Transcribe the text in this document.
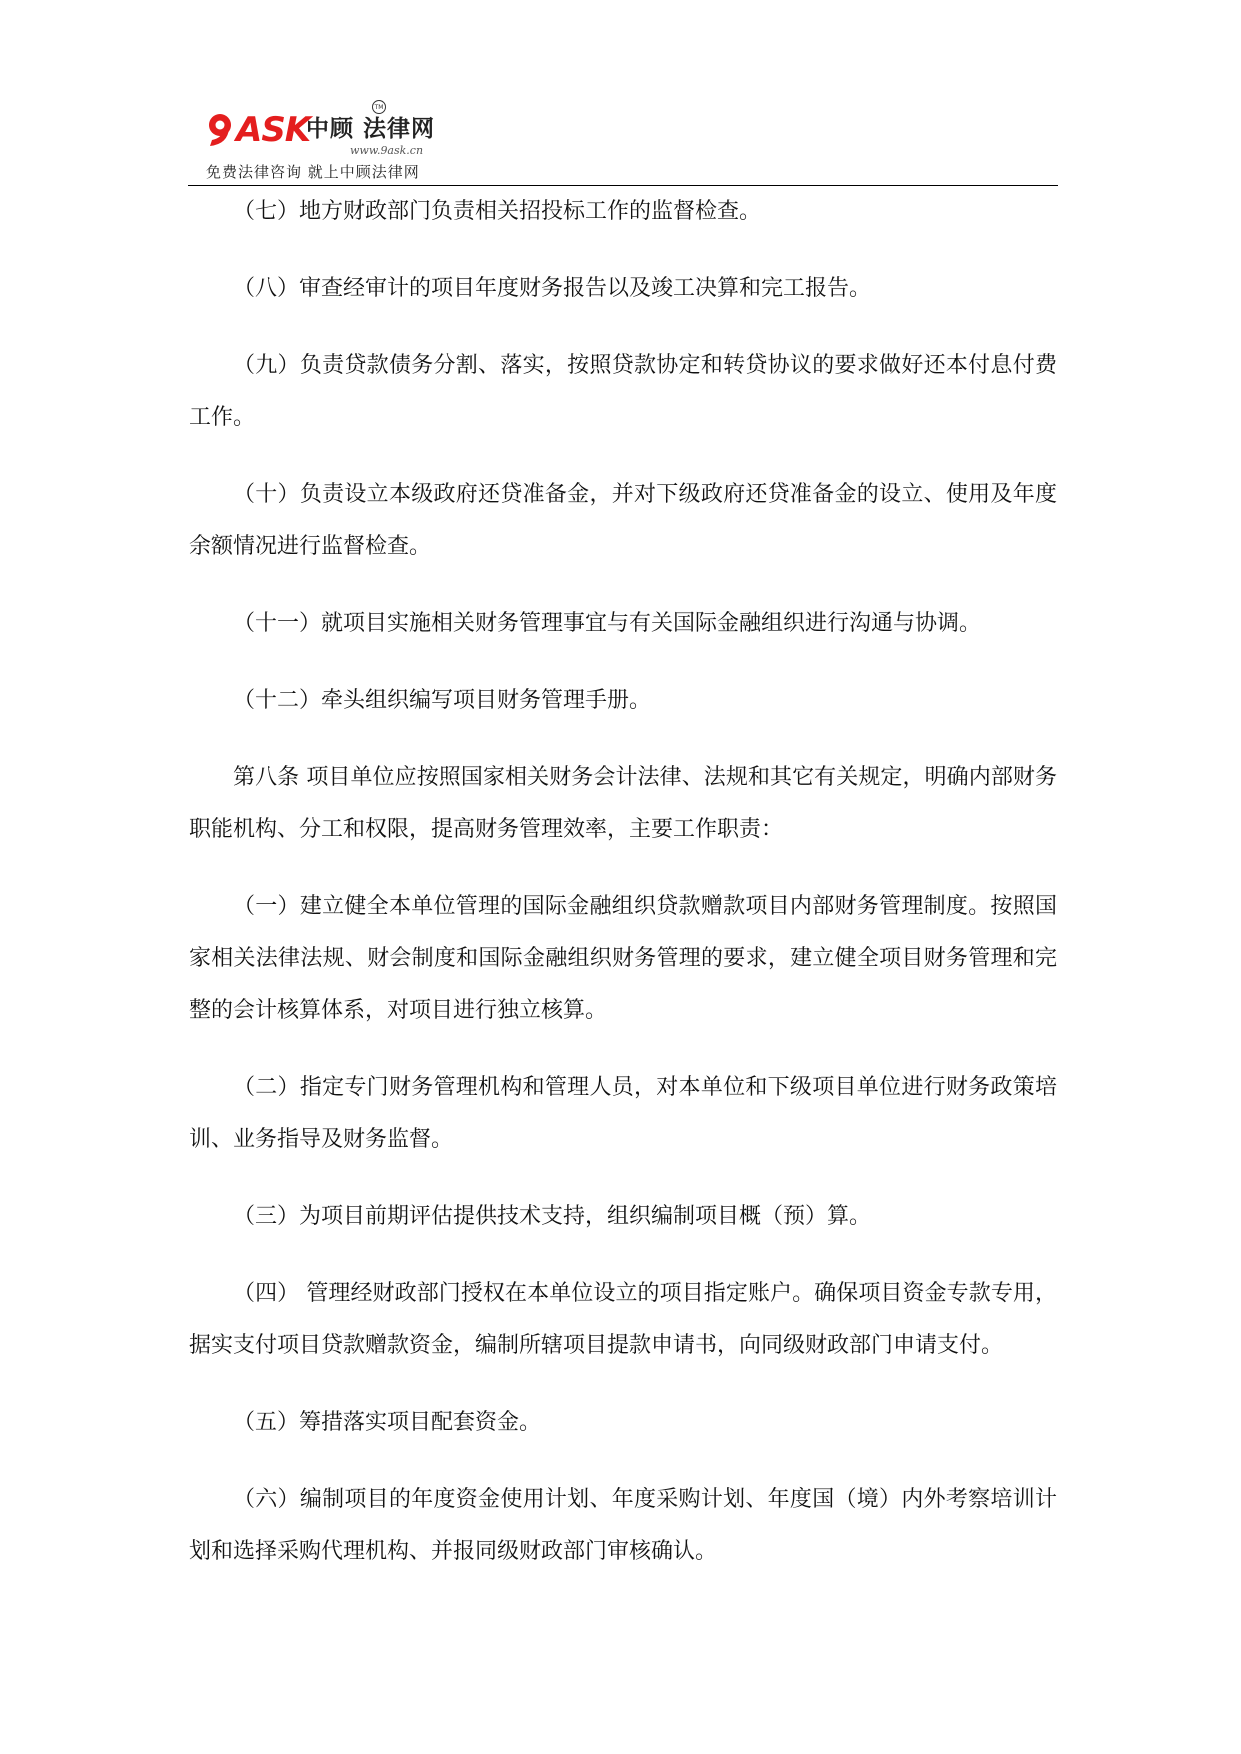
ASK
TM
中顾 法律网
www.9ask.cn
免费法律咨询 就上中顾法律网

（七）地方财政部门负责相关招投标工作的监督检查。

（八）审查经审计的项目年度财务报告以及竣工决算和完工报告。

（九）负责贷款债务分割、落实，按照贷款协定和转贷协议的要求做好还本付息付费工作。

（十）负责设立本级政府还贷准备金，并对下级政府还贷准备金的设立、使用及年度余额情况进行监督检查。

（十一）就项目实施相关财务管理事宜与有关国际金融组织进行沟通与协调。

（十二）牵头组织编写项目财务管理手册。

第八条 项目单位应按照国家相关财务会计法律、法规和其它有关规定，明确内部财务职能机构、分工和权限，提高财务管理效率，主要工作职责：

（一）建立健全本单位管理的国际金融组织贷款赠款项目内部财务管理制度。按照国家相关法律法规、财会制度和国际金融组织财务管理的要求，建立健全项目财务管理和完整的会计核算体系，对项目进行独立核算。

（二）指定专门财务管理机构和管理人员，对本单位和下级项目单位进行财务政策培训、业务指导及财务监督。

（三）为项目前期评估提供技术支持，组织编制项目概（预）算。

（四） 管理经财政部门授权在本单位设立的项目指定账户。确保项目资金专款专用，据实支付项目贷款赠款资金，编制所辖项目提款申请书，向同级财政部门申请支付。

（五）筹措落实项目配套资金。

（六）编制项目的年度资金使用计划、年度采购计划、年度国（境）内外考察培训计划和选择采购代理机构、并报同级财政部门审核确认。
